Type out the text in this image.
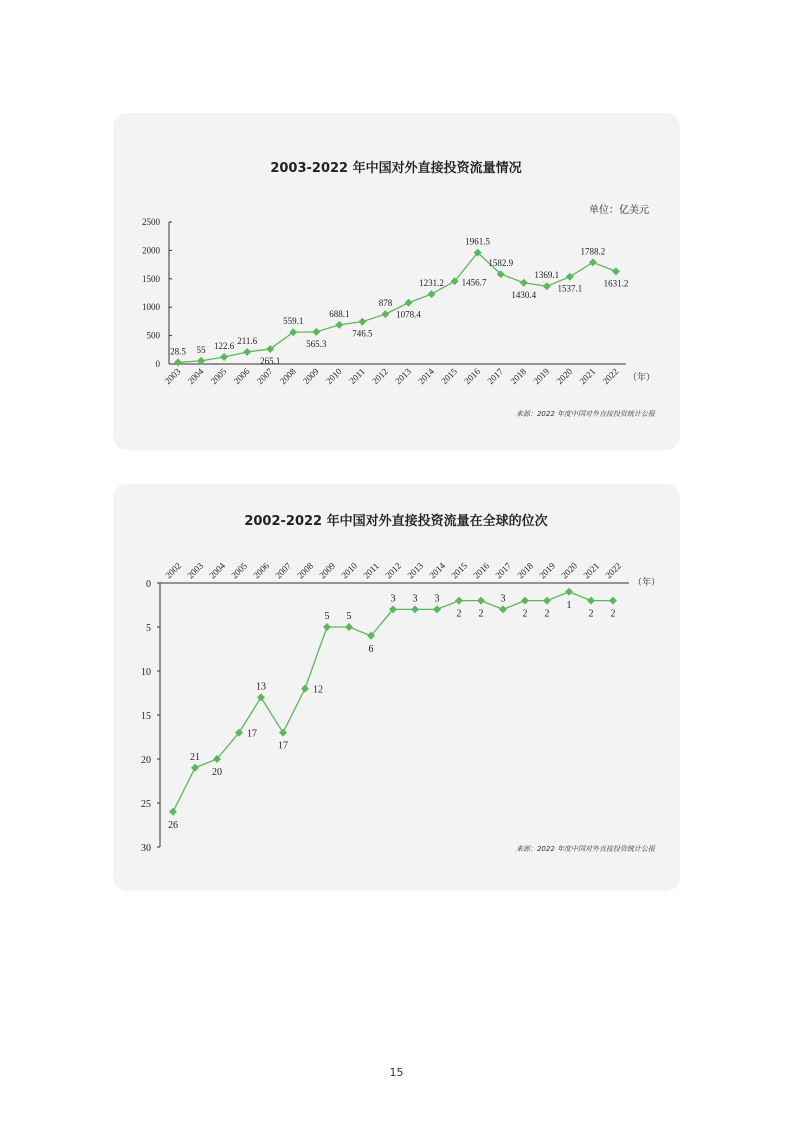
2003-2022 年中国对外直接投资流量情况
单位：亿美元
（年）
来源：2022 年度中国对外直接投资统计公报
0
500
1000
1500
2000
2500
2003 2004 2005 2006 2007 2008 2009 2010 2011 2012 2013 2014 2015 2016 2017 2018 2019 2020 2021 2022
28.5 55 122.6
211.6
265.1
559.1
565.3
688.1
746.5
878
1078.4
1231.2 1456.7
1961.5
1582.9
1430.4
1369.1
1537.1
1788.2
1631.2
2002-2022 年中国对外直接投资流量在全球的位次
（年）
来源：2022 年度中国对外直接投资统计公报
0
5
10
15
20
25
30
2002 2003 2004 2005 2006 2007 2008 2009 2010 2011 2012 2013 2014 2015 2016 2017 2018 2019 2020 2021 2022
26
21
20
17
13
17
12
5 5
6
3 3 3
2 2
3
2 2
1
2 2
15
